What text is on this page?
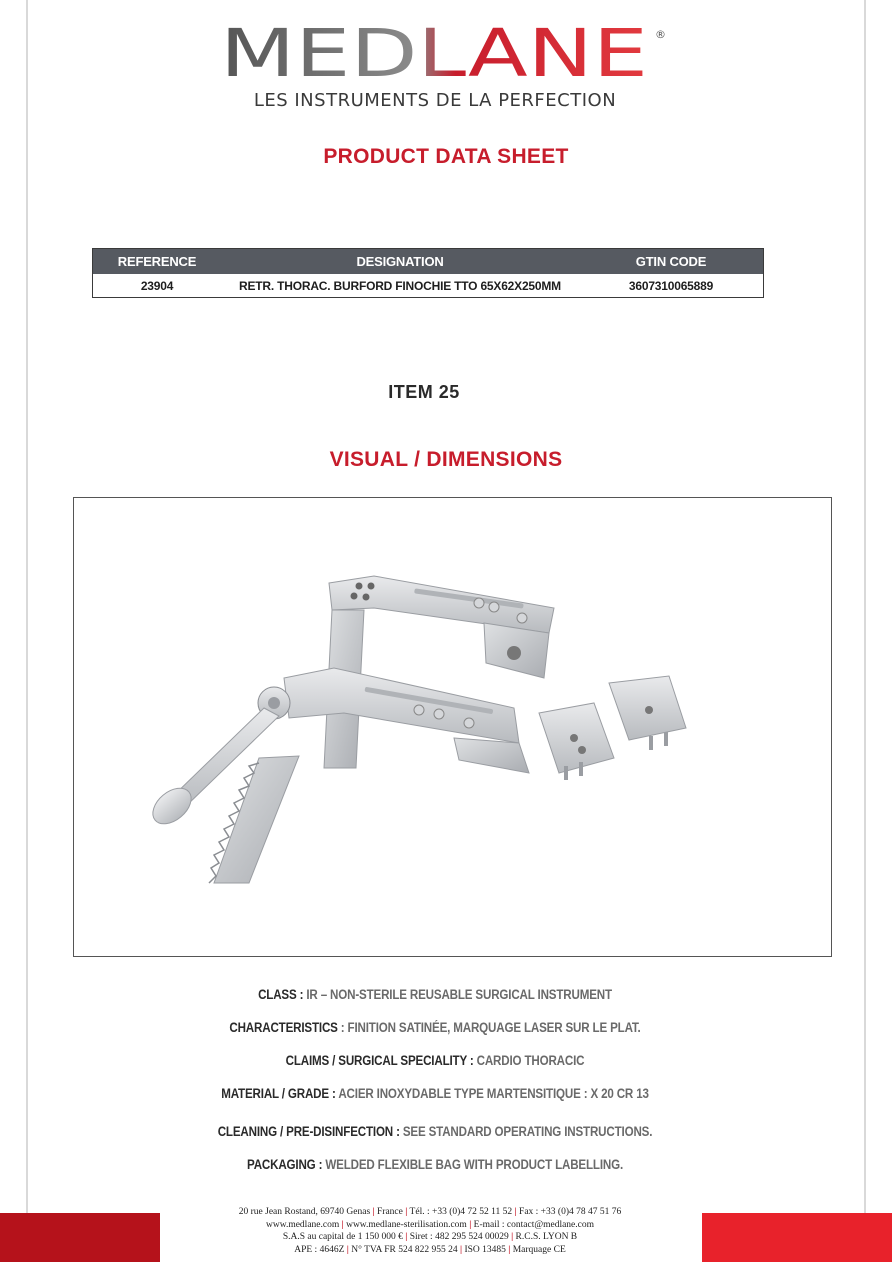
MEDLANE ®
LES INSTRUMENTS DE LA PERFECTION
PRODUCT DATA SHEET
REFERENCE	DESIGNATION	GTIN CODE
23904	RETR. THORAC. BURFORD FINOCHIE TTO 65X62X250MM	3607310065889
ITEM 25
VISUAL / DIMENSIONS
CLASS : IR – NON-STERILE REUSABLE SURGICAL INSTRUMENT
CHARACTERISTICS : FINITION SATINÉE, MARQUAGE LASER SUR LE PLAT.
CLAIMS / SURGICAL SPECIALITY : CARDIO THORACIC
MATERIAL / GRADE : ACIER INOXYDABLE TYPE MARTENSITIQUE : X 20 CR 13
CLEANING / PRE-DISINFECTION : SEE STANDARD OPERATING INSTRUCTIONS.
PACKAGING : WELDED FLEXIBLE BAG WITH PRODUCT LABELLING.
20 rue Jean Rostand, 69740 Genas | France | Tél. : +33 (0)4 72 52 11 52 | Fax : +33 (0)4 78 47 51 76
www.medlane.com | www.medlane-sterilisation.com | E-mail : contact@medlane.com
S.A.S au capital de 1 150 000 € | Siret : 482 295 524 00029 | R.C.S. LYON B
APE : 4646Z | N° TVA FR 524 822 955 24 | ISO 13485 | Marquage CE
